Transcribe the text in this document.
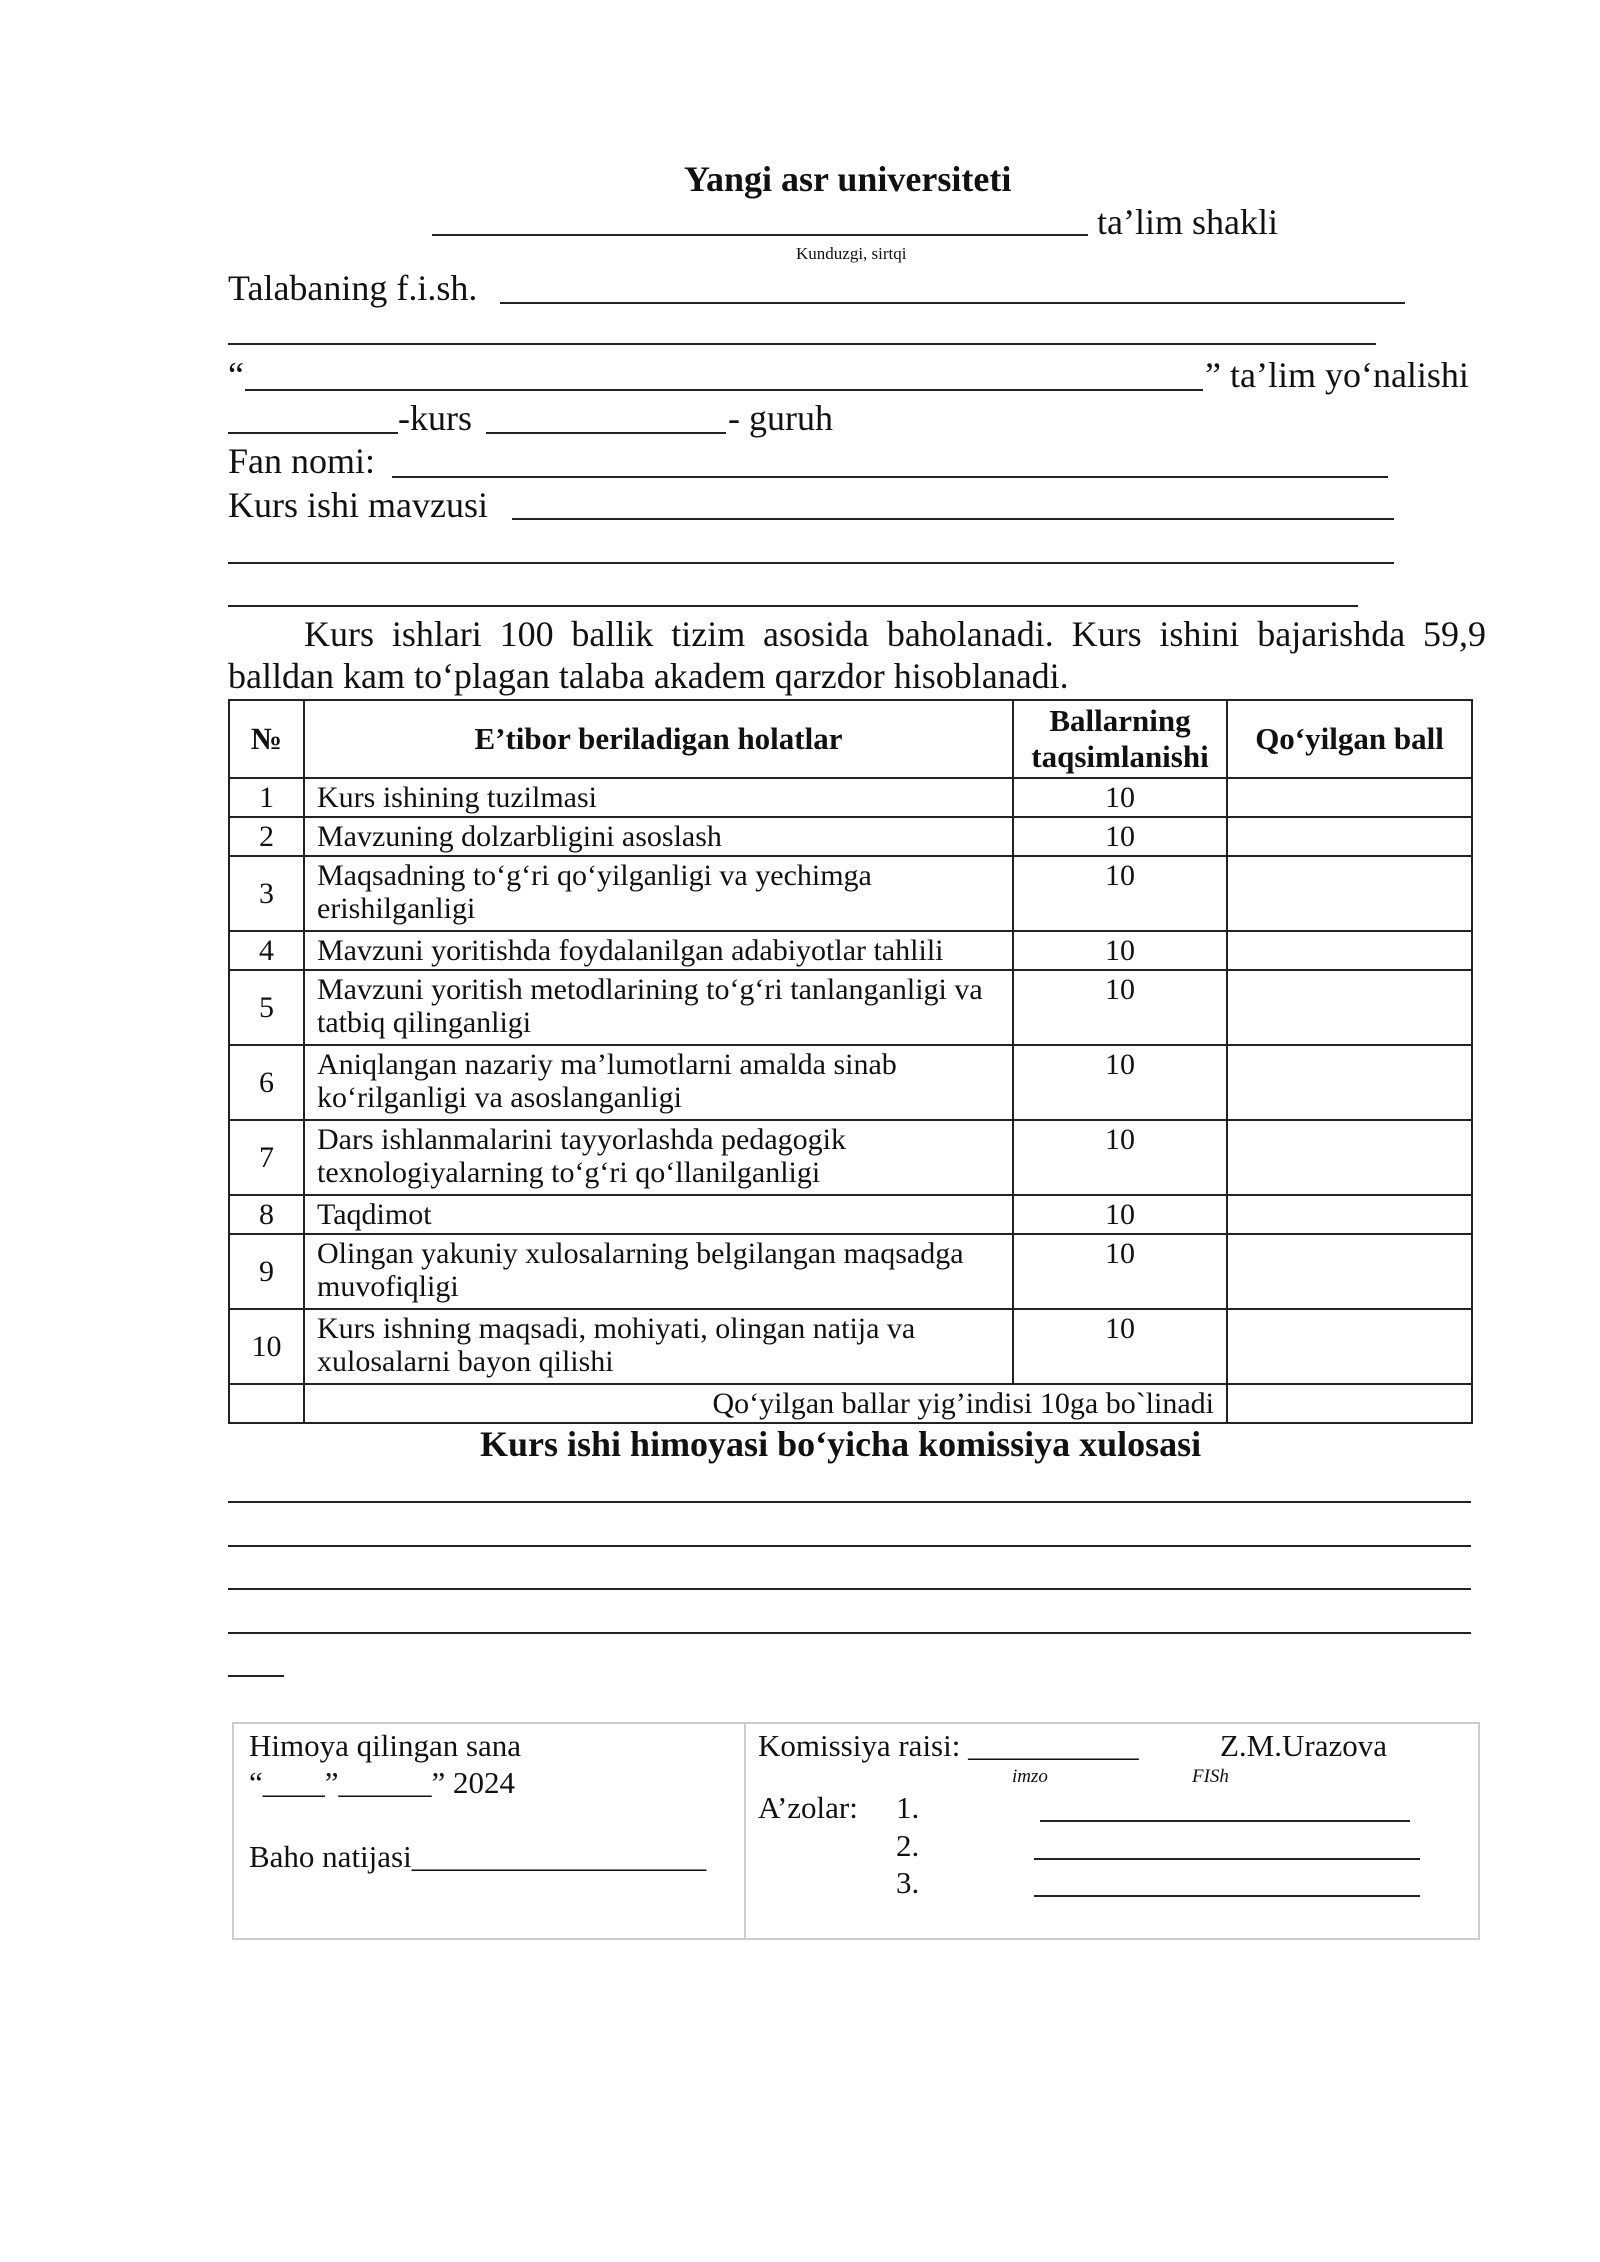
Yangi asr universiteti
ta’lim shakli
Kunduzgi, sirtqi
Talabaning f.i.sh.
“	” ta’lim yo‘nalishi
-kurs	- guruh
Fan nomi:
Kurs ishi mavzusi
Kurs ishlari 100 ballik tizim asosida baholanadi. Kurs ishini bajarishda 59,9 balldan kam to‘plagan talaba akadem qarzdor hisoblanadi.
№	E’tibor beriladigan holatlar	Ballarning taqsimlanishi	Qo‘yilgan ball
1	Kurs ishining tuzilmasi	10	
2	Mavzuning dolzarbligini asoslash	10	
3	Maqsadning to‘g‘ri qo‘yilganligi va yechimga erishilganligi	10	
4	Mavzuni yoritishda foydalanilgan adabiyotlar tahlili	10	
5	Mavzuni yoritish metodlarining to‘g‘ri tanlanganligi va tatbiq qilinganligi	10	
6	Aniqlangan nazariy ma’lumotlarni amalda sinab ko‘rilganligi va asoslanganligi	10	
7	Dars ishlanmalarini tayyorlashda pedagogik texnologiyalarning to‘g‘ri qo‘llanilganligi	10	
8	Taqdimot	10	
9	Olingan yakuniy xulosalarning belgilangan maqsadga muvofiqligi	10	
10	Kurs ishning maqsadi, mohiyati, olingan natija va xulosalarni bayon qilishi	10	
	Qo‘yilgan ballar yig’indisi 10ga bo`linadi		
Kurs ishi himoyasi bo‘yicha komissiya xulosasi
Himoya qilingan sana
“____”______” 2024
Baho natijasi___________________
Komissiya raisi: ___________	Z.M.Urazova
imzo	FISh
A’zolar: 1.
2.
3.
